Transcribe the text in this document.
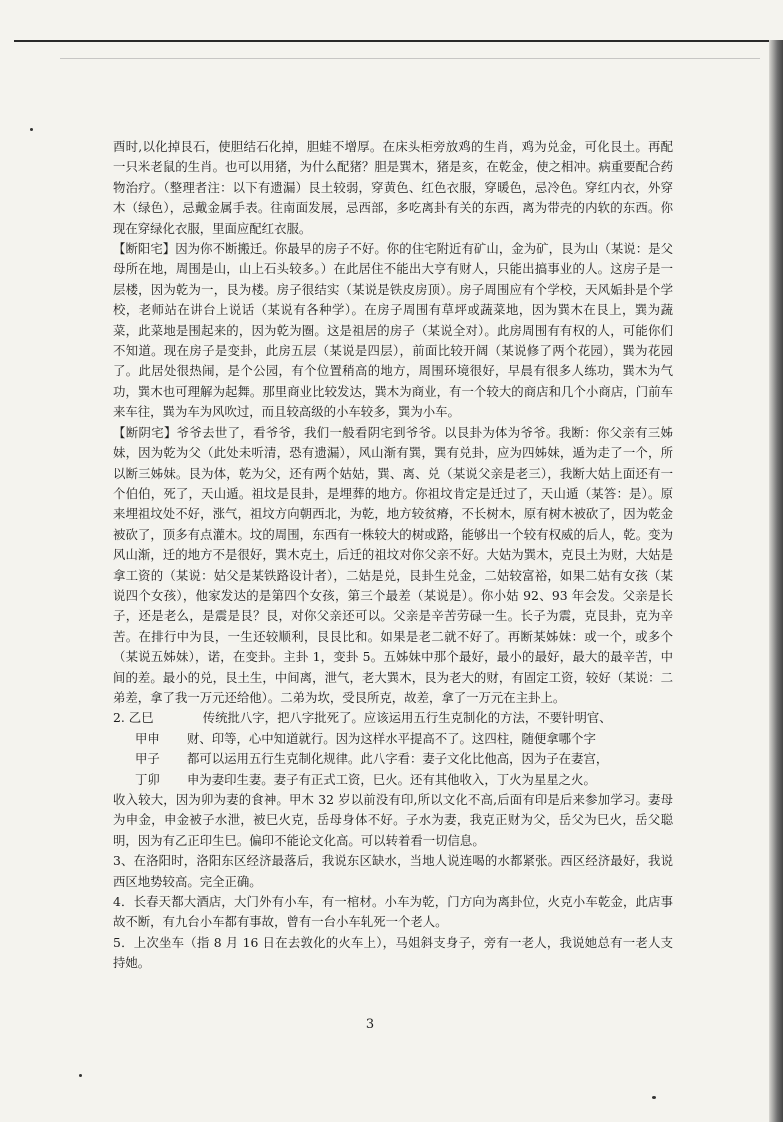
酉时,以化掉艮石，使胆结石化掉，胆蛙不增厚。在床头柜旁放鸡的生肖，鸡为兑金，可化艮土。再配一只米老鼠的生肖。也可以用猪，为什么配猪？胆是巽木，猪是亥，在乾金，使之相冲。病重要配合药物治疗。（整理者注：以下有遗漏）艮土较弱，穿黄色、红色衣服，穿暖色，忌冷色。穿红内衣，外穿木（绿色），忌戴金属手表。往南面发展，忌西部，多吃离卦有关的东西，离为带壳的内软的东西。你现在穿绿化衣服，里面应配红衣服。

【断阳宅】因为你不断搬迁。你最早的房子不好。你的住宅附近有矿山，金为矿，艮为山（某说：是父母所在地，周围是山，山上石头较多。）在此居住不能出大亨有财人，只能出搞事业的人。这房子是一层楼，因为乾为一，艮为楼。房子很结实（某说是铁皮房顶）。房子周围应有个学校，天风姤卦是个学校，老师站在讲台上说话（某说有各种学）。在房子周围有草坪或蔬菜地，因为巽木在艮上，巽为蔬菜，此菜地是围起来的，因为乾为圈。这是祖居的房子（某说全对）。此房周围有有权的人，可能你们不知道。现在房子是变卦，此房五层（某说是四层），前面比较开阔（某说修了两个花园），巽为花园了。此居处很热闹，是个公园，有个位置稍高的地方，周围环境很好，早晨有很多人练功，巽木为气功，巽木也可理解为起舞。那里商业比较发达，巽木为商业，有一个较大的商店和几个小商店，门前车来车往，巽为车为风吹过，而且较高级的小车较多，巽为小车。

【断阴宅】爷爷去世了，看爷爷，我们一般看阴宅到爷爷。以艮卦为体为爷爷。我断：你父亲有三姊妹，因为乾为父（此处未听清，恐有遗漏），风山渐有巽，巽有兑卦，应为四姊妹，遁为走了一个，所以断三姊妹。艮为体，乾为父，还有两个姑姑，巽、离、兑（某说父亲是老三），我断大姑上面还有一个伯伯，死了，天山遁。祖坟是艮卦，是埋葬的地方。你祖坟肯定是迁过了，天山遁（某答：是）。原来埋祖坟处不好，涨气，祖坟方向朝西北，为乾，地方较贫瘠，不长树木，原有树木被砍了，因为乾金被砍了，顶多有点灌木。坟的周围，东西有一株较大的树或路，能够出一个较有权威的后人，乾。变为风山渐，迁的地方不是很好，巽木克土，后迁的祖坟对你父亲不好。大姑为巽木，克艮土为财，大姑是拿工资的（某说：姑父是某铁路设计者），二姑是兑，艮卦生兑金，二姑较富裕，如果二姑有女孩（某说四个女孩），他家发达的是第四个女孩，第三个最差（某说是）。你小姑 92、93 年会发。父亲是长子，还是老么，是震是艮？艮，对你父亲还可以。父亲是辛苦劳碌一生。长子为震，克艮卦，克为辛苦。在排行中为艮，一生还较顺利，艮艮比和。如果是老二就不好了。再断某姊妹：或一个，或多个（某说五姊妹），诺，在变卦。主卦 1，变卦 5。五姊妹中那个最好，最小的最好，最大的最辛苦，中间的差。最小的兑，艮土生，中间离，泄气，老大巽木，艮为老大的财，有固定工资，较好（某说：二弟差，拿了我一万元还给他）。二弟为坎，受艮所克，故差，拿了一万元在主卦上。

2. 乙巳	传统批八字，把八字批死了。应该运用五行生克制化的方法，不要针明官、
甲申 财、印等，心中知道就行。因为这样水平提高不了。这四柱，随便拿哪个字
甲子 都可以运用五行生克制化规律。此八字看：妻子文化比他高，因为子在妻宫，
丁卯 申为妻印生妻。妻子有正式工资，巳火。还有其他收入，丁火为星星之火。

收入较大，因为卯为妻的食神。甲木 32 岁以前没有印,所以文化不高,后面有印是后来参加学习。妻母为申金，申金被子水泄，被巳火克，岳母身体不好。子水为妻，我克正财为父，岳父为巳火，岳父聪明，因为有乙正印生巳。偏印不能论文化高。可以转着看一切信息。

3、在洛阳时，洛阳东区经济最落后，我说东区缺水，当地人说连喝的水都紧张。西区经济最好，我说西区地势较高。完全正确。

4．长春天都大酒店，大门外有小车，有一棺材。小车为乾，门方向为离卦位，火克小车乾金，此店事故不断，有九台小车都有事故，曾有一台小车轧死一个老人。

5．上次坐车（指 8 月 16 日在去敦化的火车上），马姐斜支身子，旁有一老人，我说她总有一老人支持她。

3
